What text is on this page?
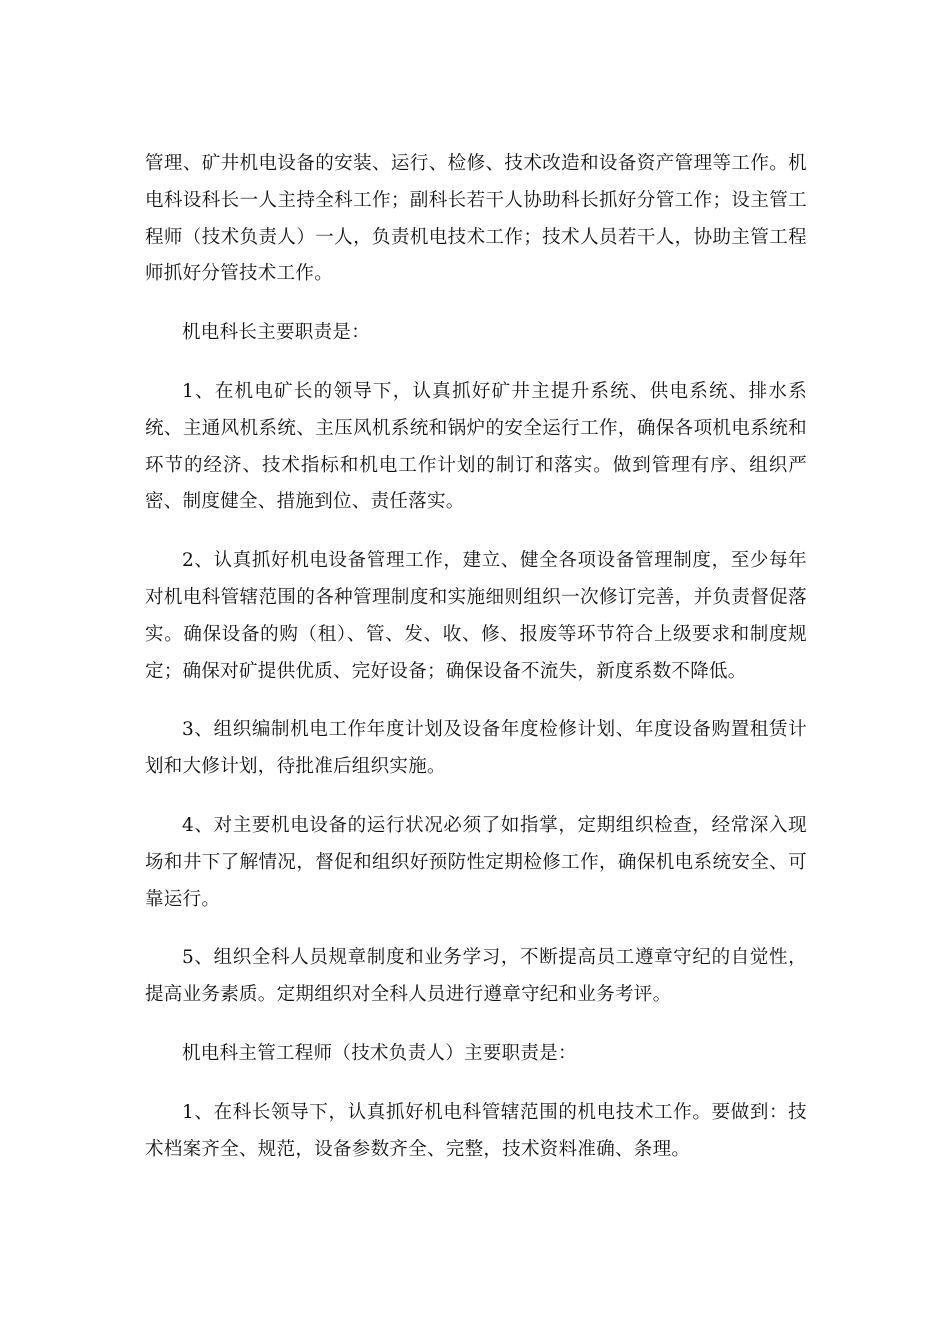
管理、矿井机电设备的安装、运行、检修、技术改造和设备资产管理等工作。机电科设科长一人主持全科工作；副科长若干人协助科长抓好分管工作；设主管工程师（技术负责人）一人，负责机电技术工作；技术人员若干人，协助主管工程师抓好分管技术工作。

机电科长主要职责是：

1、在机电矿长的领导下，认真抓好矿井主提升系统、供电系统、排水系统、主通风机系统、主压风机系统和锅炉的安全运行工作，确保各项机电系统和环节的经济、技术指标和机电工作计划的制订和落实。做到管理有序、组织严密、制度健全、措施到位、责任落实。

2、认真抓好机电设备管理工作，建立、健全各项设备管理制度，至少每年对机电科管辖范围的各种管理制度和实施细则组织一次修订完善，并负责督促落实。确保设备的购（租）、管、发、收、修、报废等环节符合上级要求和制度规定；确保对矿提供优质、完好设备；确保设备不流失，新度系数不降低。

3、组织编制机电工作年度计划及设备年度检修计划、年度设备购置租赁计划和大修计划，待批准后组织实施。

4、对主要机电设备的运行状况必须了如指掌，定期组织检查，经常深入现场和井下了解情况，督促和组织好预防性定期检修工作，确保机电系统安全、可靠运行。

5、组织全科人员规章制度和业务学习，不断提高员工遵章守纪的自觉性，提高业务素质。定期组织对全科人员进行遵章守纪和业务考评。

机电科主管工程师（技术负责人）主要职责是：

1、在科长领导下，认真抓好机电科管辖范围的机电技术工作。要做到：技术档案齐全、规范，设备参数齐全、完整，技术资料准确、条理。
